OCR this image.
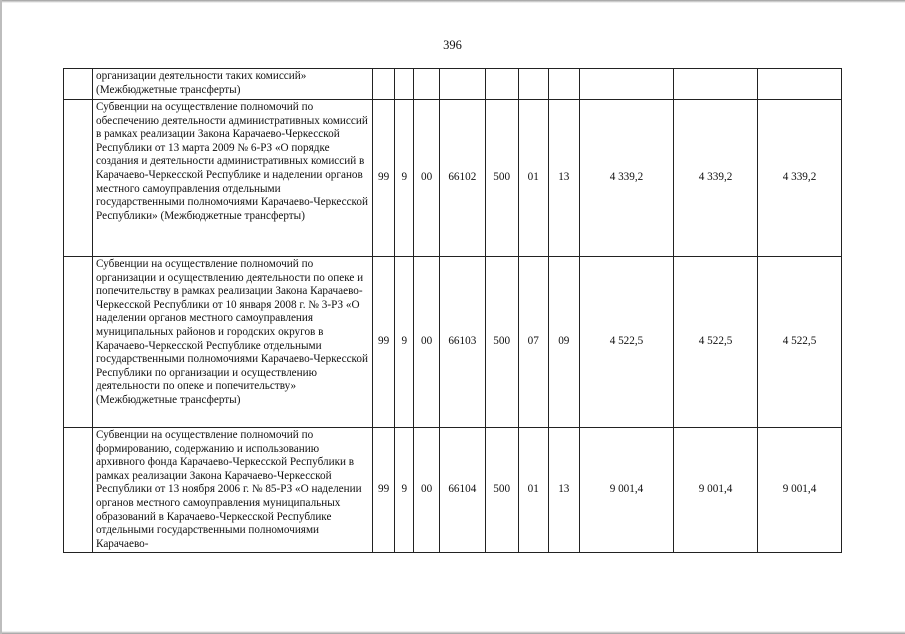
396
	организации деятельности таких комиссий» (Межбюджетные трансферты)										
	Субвенции на осуществление полномочий по обеспечению деятельности административных комиссий в рамках реализации Закона Карачаево-Черкесской Республики от 13 марта 2009 № 6-РЗ «О порядке создания и деятельности административных комиссий в Карачаево-Черкесской Республике и наделении органов местного самоуправления отдельными государственными полномочиями Карачаево-Черкесской Республики» (Межбюджетные трансферты)	99	9	00	66102	500	01	13	4 339,2	4 339,2	4 339,2
	Субвенции на осуществление полномочий по организации и осуществлению деятельности по опеке и попечительству в рамках реализации Закона Карачаево-Черкесской Республики от 10 января 2008 г. № 3-РЗ «О наделении органов местного самоуправления муниципальных районов и городских округов в Карачаево-Черкесской Республике отдельными государственными полномочиями Карачаево-Черкесской Республики по организации и осуществлению деятельности по опеке и попечительству» (Межбюджетные трансферты)	99	9	00	66103	500	07	09	4 522,5	4 522,5	4 522,5
	Субвенции на осуществление полномочий по формированию, содержанию и использованию архивного фонда Карачаево-Черкесской Республики в рамках реализации Закона Карачаево-Черкесской Республики от 13 ноября 2006 г. № 85-РЗ «О наделении органов местного самоуправления муниципальных образований в Карачаево-Черкесской Республике отдельными государственными полномочиями Карачаево-	99	9	00	66104	500	01	13	9 001,4	9 001,4	9 001,4
